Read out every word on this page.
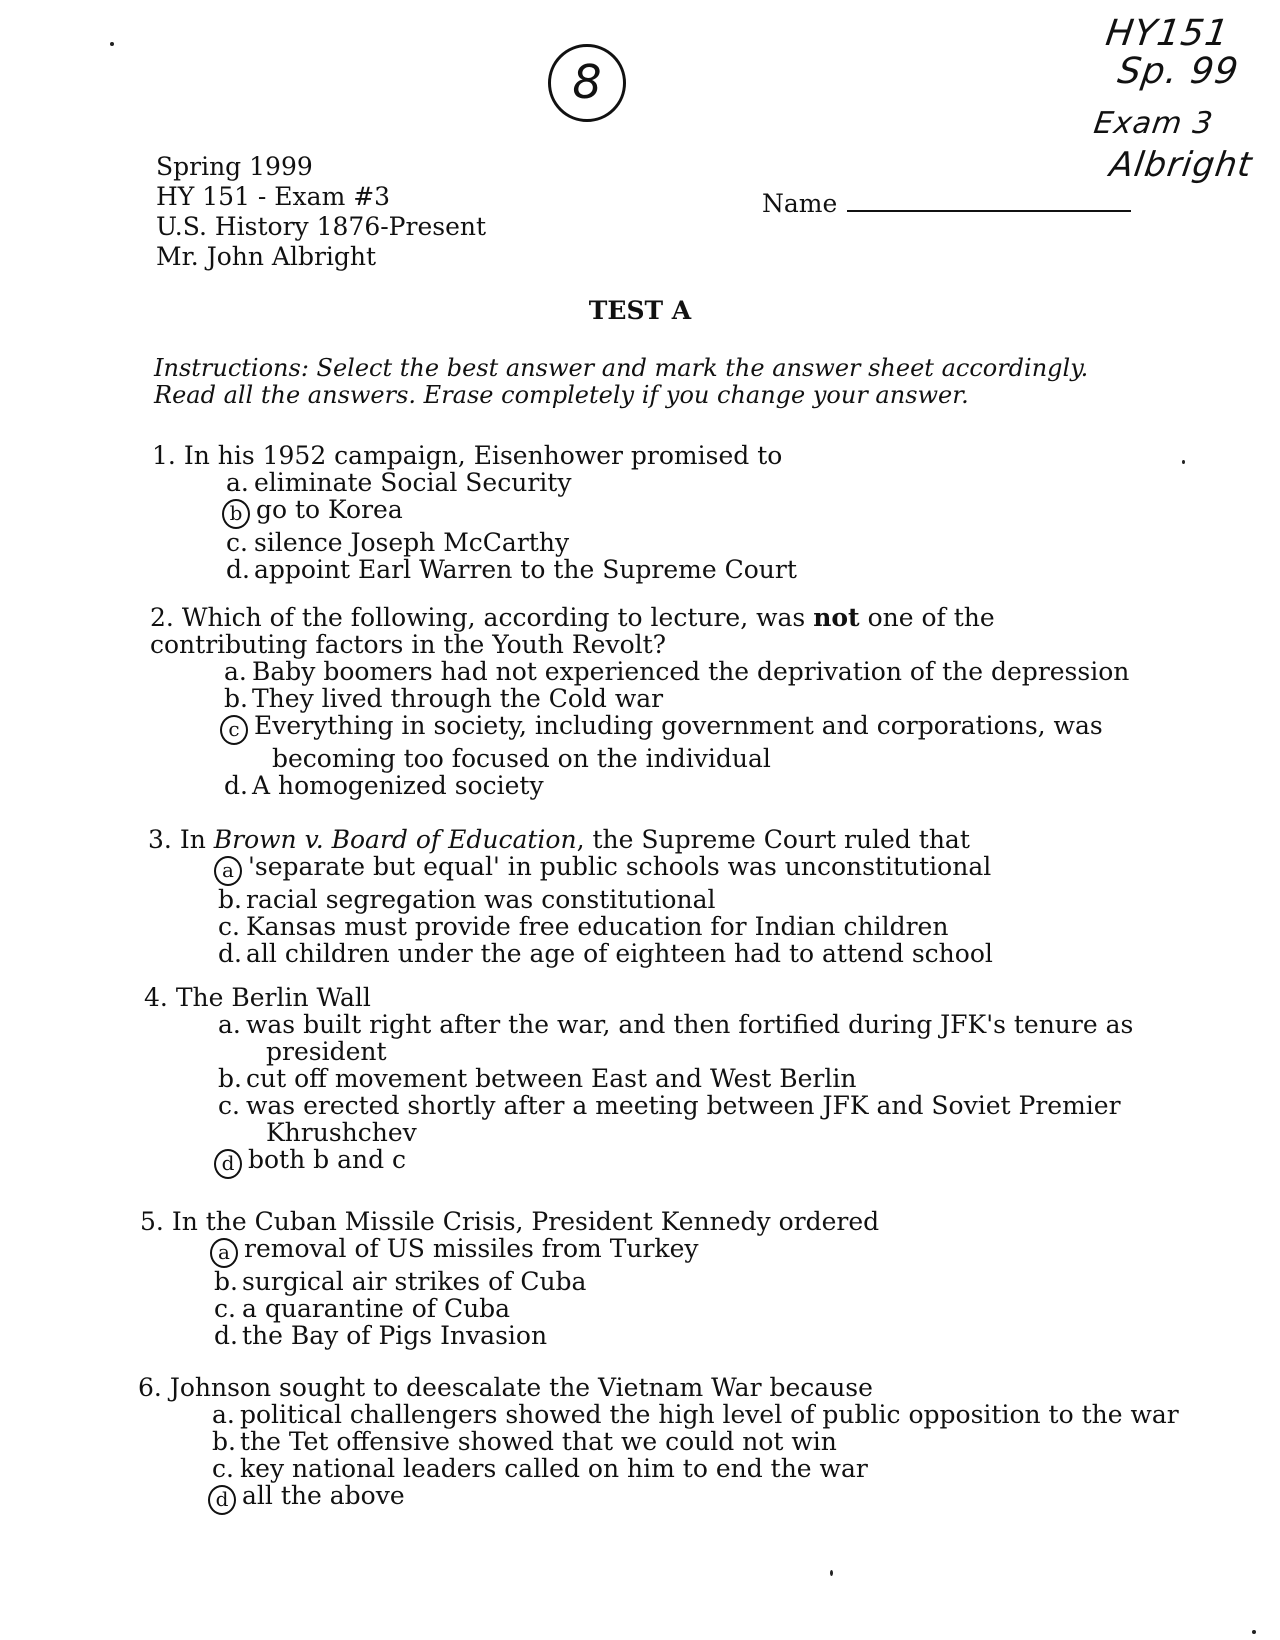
HY151
Sp. 99
Exam 3
Albright
8
Spring 1999
HY 151 - Exam #3
U.S. History 1876-Present
Mr. John Albright
Name
TEST A
Instructions: Select the best answer and mark the answer sheet accordingly. Read all the answers. Erase completely if you change your answer.
1. In his 1952 campaign, Eisenhower promised to
a. eliminate Social Security
b go to Korea
c. silence Joseph McCarthy
d. appoint Earl Warren to the Supreme Court
2. Which of the following, according to lecture, was not one of the contributing factors in the Youth Revolt?
a. Baby boomers had not experienced the deprivation of the depression
b. They lived through the Cold war
c Everything in society, including government and corporations, was
becoming too focused on the individual
d. A homogenized society
3. In Brown v. Board of Education, the Supreme Court ruled that
a 'separate but equal' in public schools was unconstitutional
b. racial segregation was constitutional
c. Kansas must provide free education for Indian children
d. all children under the age of eighteen had to attend school
4. The Berlin Wall
a. was built right after the war, and then fortified during JFK's tenure as
president
b. cut off movement between East and West Berlin
c. was erected shortly after a meeting between JFK and Soviet Premier
Khrushchev
d both b and c
5. In the Cuban Missile Crisis, President Kennedy ordered
a removal of US missiles from Turkey
b. surgical air strikes of Cuba
c. a quarantine of Cuba
d. the Bay of Pigs Invasion
6. Johnson sought to deescalate the Vietnam War because
a. political challengers showed the high level of public opposition to the war
b. the Tet offensive showed that we could not win
c. key national leaders called on him to end the war
d all the above
